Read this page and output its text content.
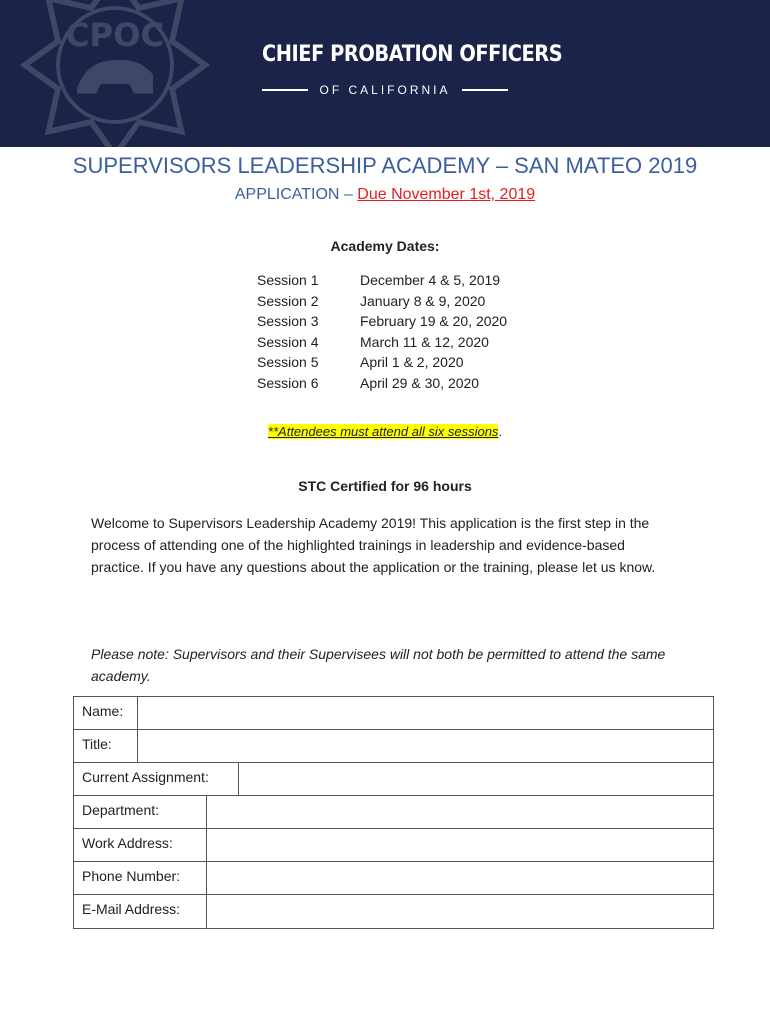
CPOC
CHIEF PROBATION OFFICERS
OF CALIFORNIA
SUPERVISORS LEADERSHIP ACADEMY – SAN MATEO 2019
APPLICATION – Due November 1st, 2019
Academy Dates:
Session 1	December 4 & 5, 2019
Session 2	January 8 & 9, 2020
Session 3	February 19 & 20, 2020
Session 4	March 11 & 12, 2020
Session 5	April 1 & 2, 2020
Session 6	April 29 & 30, 2020
**Attendees must attend all six sessions.
STC Certified for 96 hours
Welcome to Supervisors Leadership Academy 2019! This application is the first step in the process of attending one of the highlighted trainings in leadership and evidence-based practice. If you have any questions about the application or the training, please let us know.
Please note: Supervisors and their Supervisees will not both be permitted to attend the same academy.
Name:
Title:
Current Assignment:
Department:
Work Address:
Phone Number:
E-Mail Address:
